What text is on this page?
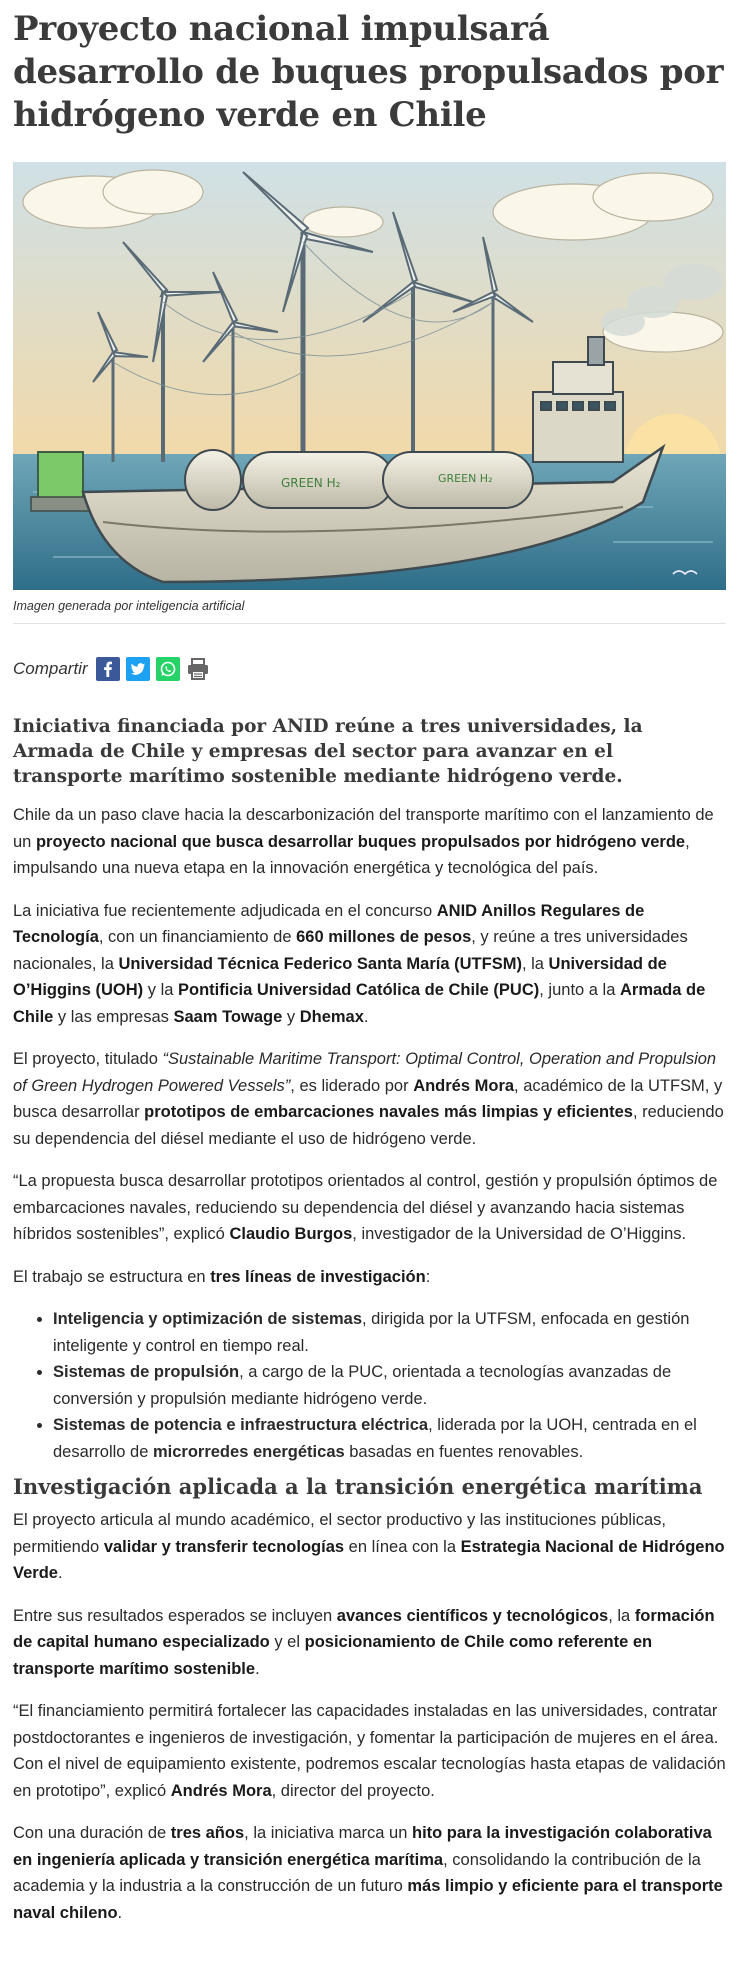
Proyecto nacional impulsará desarrollo de buques propulsados por hidrógeno verde en Chile
GREEN H₂	GREEN H₂
Imagen generada por inteligencia artificial
Compartir
Iniciativa financiada por ANID reúne a tres universidades, la Armada de Chile y empresas del sector para avanzar en el transporte marítimo sostenible mediante hidrógeno verde.

Chile da un paso clave hacia la descarbonización del transporte marítimo con el lanzamiento de un proyecto nacional que busca desarrollar buques propulsados por hidrógeno verde, impulsando una nueva etapa en la innovación energética y tecnológica del país.

La iniciativa fue recientemente adjudicada en el concurso ANID Anillos Regulares de Tecnología, con un financiamiento de 660 millones de pesos, y reúne a tres universidades nacionales, la Universidad Técnica Federico Santa María (UTFSM), la Universidad de O’Higgins (UOH) y la Pontificia Universidad Católica de Chile (PUC), junto a la Armada de Chile y las empresas Saam Towage y Dhemax.

El proyecto, titulado “Sustainable Maritime Transport: Optimal Control, Operation and Propulsion of Green Hydrogen Powered Vessels”, es liderado por Andrés Mora, académico de la UTFSM, y busca desarrollar prototipos de embarcaciones navales más limpias y eficientes, reduciendo su dependencia del diésel mediante el uso de hidrógeno verde.

“La propuesta busca desarrollar prototipos orientados al control, gestión y propulsión óptimos de embarcaciones navales, reduciendo su dependencia del diésel y avanzando hacia sistemas híbridos sostenibles”, explicó Claudio Burgos, investigador de la Universidad de O’Higgins.

El trabajo se estructura en tres líneas de investigación:

• Inteligencia y optimización de sistemas, dirigida por la UTFSM, enfocada en gestión inteligente y control en tiempo real.
• Sistemas de propulsión, a cargo de la PUC, orientada a tecnologías avanzadas de conversión y propulsión mediante hidrógeno verde.
• Sistemas de potencia e infraestructura eléctrica, liderada por la UOH, centrada en el desarrollo de microrredes energéticas basadas en fuentes renovables.
Investigación aplicada a la transición energética marítima

El proyecto articula al mundo académico, el sector productivo y las instituciones públicas, permitiendo validar y transferir tecnologías en línea con la Estrategia Nacional de Hidrógeno Verde.

Entre sus resultados esperados se incluyen avances científicos y tecnológicos, la formación de capital humano especializado y el posicionamiento de Chile como referente en transporte marítimo sostenible.

“El financiamiento permitirá fortalecer las capacidades instaladas en las universidades, contratar postdoctorantes e ingenieros de investigación, y fomentar la participación de mujeres en el área. Con el nivel de equipamiento existente, podremos escalar tecnologías hasta etapas de validación en prototipo”, explicó Andrés Mora, director del proyecto.

Con una duración de tres años, la iniciativa marca un hito para la investigación colaborativa en ingeniería aplicada y transición energética marítima, consolidando la contribución de la academia y la industria a la construcción de un futuro más limpio y eficiente para el transporte naval chileno.
